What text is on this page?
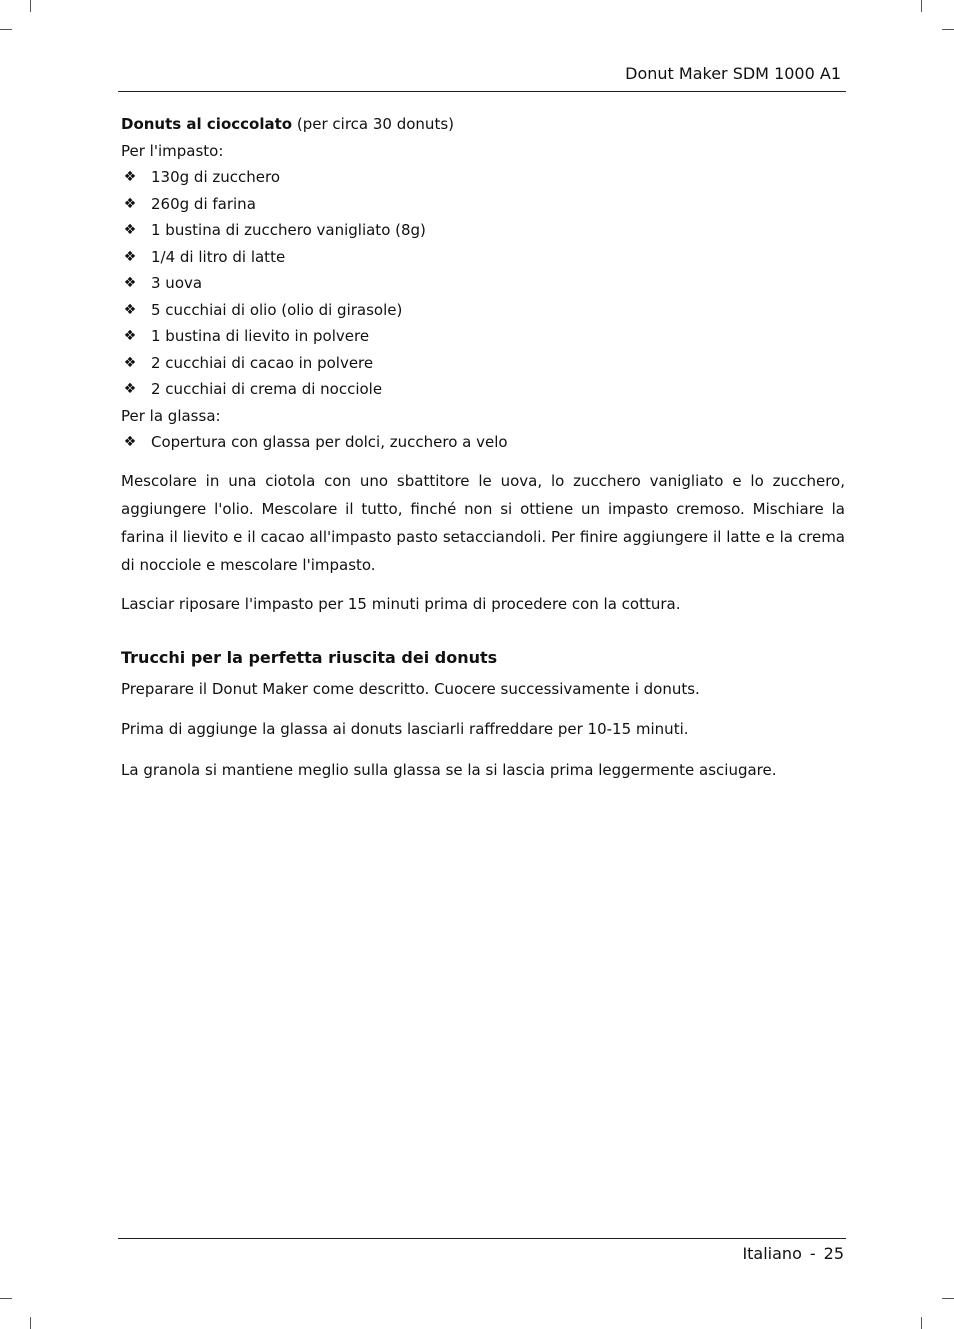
Donut Maker SDM 1000 A1

Donuts al cioccolato (per circa 30 donuts)

Per l'impasto:

❖ 130g di zucchero
❖ 260g di farina
❖ 1 bustina di zucchero vanigliato (8g)
❖ 1/4 di litro di latte
❖ 3 uova
❖ 5 cucchiai di olio (olio di girasole)
❖ 1 bustina di lievito in polvere
❖ 2 cucchiai di cacao in polvere
❖ 2 cucchiai di crema di nocciole

Per la glassa:

❖ Copertura con glassa per dolci, zucchero a velo

Mescolare in una ciotola con uno sbattitore le uova, lo zucchero vanigliato e lo zucchero, aggiungere l'olio. Mescolare il tutto, finché non si ottiene un impasto cremoso. Mischiare la farina il lievito e il cacao all'impasto pasto setacciandoli. Per finire aggiungere il latte e la crema di nocciole e mescolare l'impasto.

Lasciar riposare l'impasto per 15 minuti prima di procedere con la cottura.

Trucchi per la perfetta riuscita dei donuts

Preparare il Donut Maker come descritto. Cuocere successivamente i donuts.

Prima di aggiunge la glassa ai donuts lasciarli raffreddare per 10-15 minuti.

La granola si mantiene meglio sulla glassa se la si lascia prima leggermente asciugare.

Italiano - 25
